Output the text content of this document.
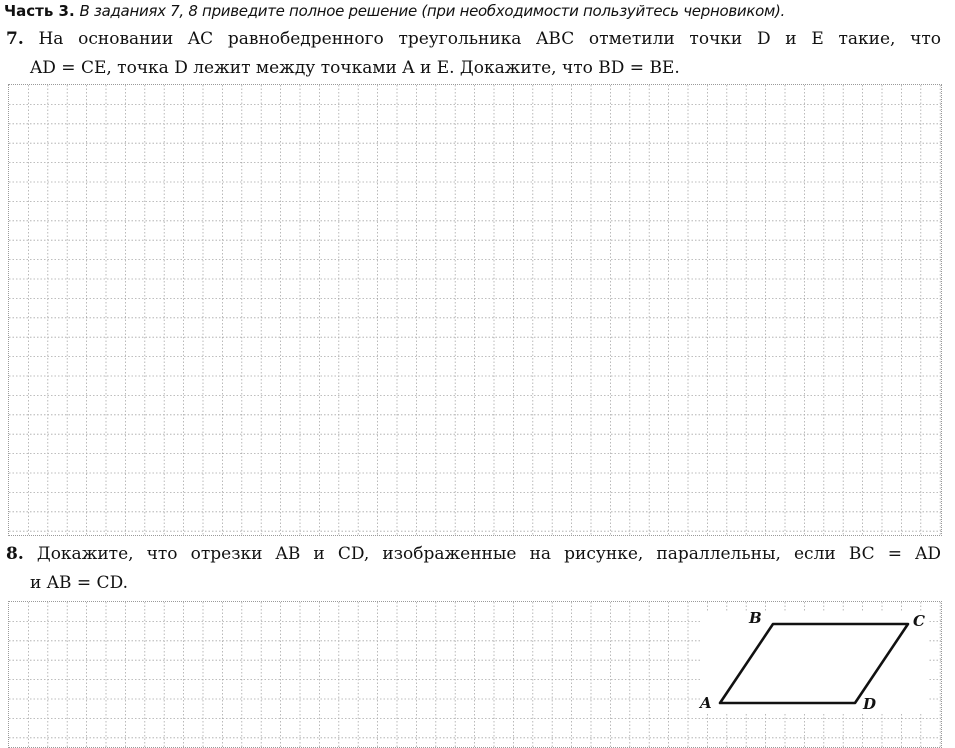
Часть 3. В заданиях 7, 8 приведите полное решение (при необходимости пользуйтесь черновиком).
7. На основании AC равнобедренного треугольника ABC отметили точки D и E такие, что
AD = CE, точка D лежит между точками A и E. Докажите, что BD = BE.
8. Докажите, что отрезки AB и CD, изображенные на рисунке, параллельны, если BC = AD
и AB = CD.
A
B	C
D
